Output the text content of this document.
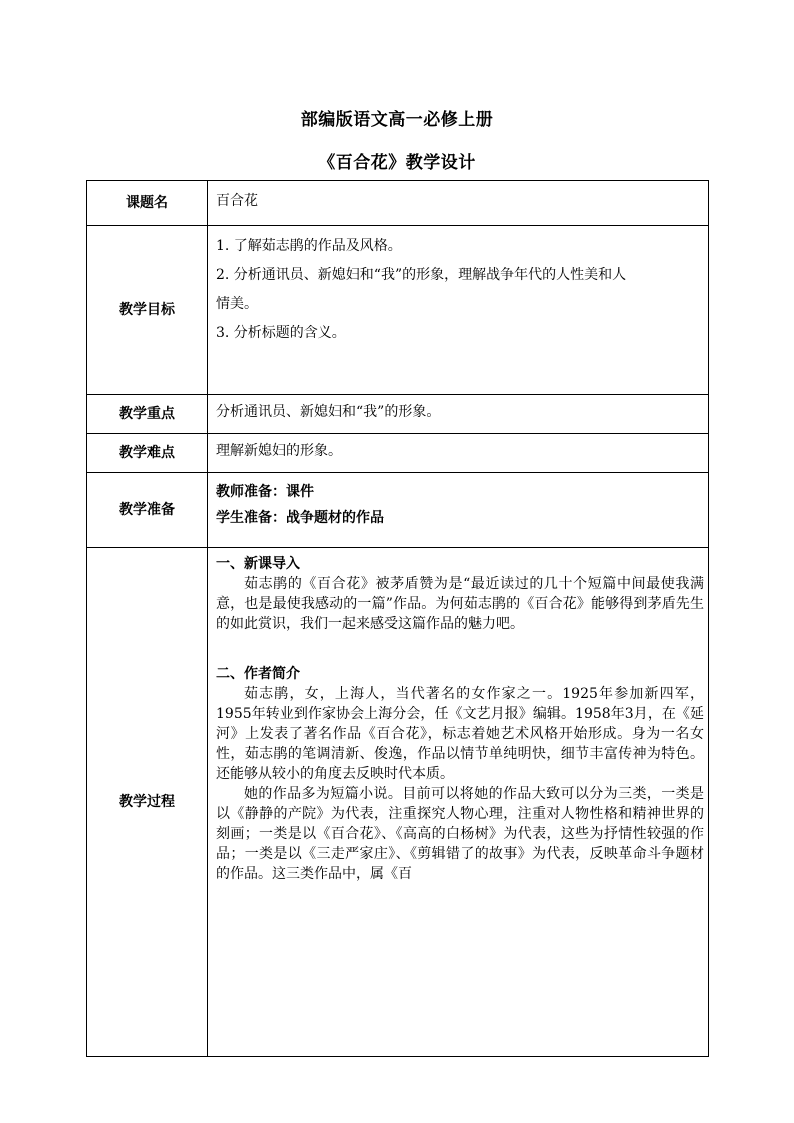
部编版语文高一必修上册
《百合花》教学设计
课题名	百合花
教学目标	1. 了解茹志鹃的作品及风格。
2. 分析通讯员、新媳妇和“我”的形象，理解战争年代的人性美和人
情美。
3. 分析标题的含义。

教学重点	分析通讯员、新媳妇和“我”的形象。
教学难点	理解新媳妇的形象。
教学准备	教师准备：课件
学生准备：战争题材的作品

教学过程	一、新课导入
茹志鹃的《百合花》被茅盾赞为是“最近读过的几十个短篇中间最使我满意，也是最使我感动的一篇”作品。为何茹志鹃的《百合花》能够得到茅盾先生的如此赏识，我们一起来感受这篇作品的魅力吧。
二、作者简介
茹志鹃，女，上海人，当代著名的女作家之一。1925年参加新四军，1955年转业到作家协会上海分会，任《文艺月报》编辑。1958年3月，在《延河》上发表了著名作品《百合花》，标志着她艺术风格开始形成。身为一名女性，茹志鹃的笔调清新、俊逸，作品以情节单纯明快，细节丰富传神为特色。还能够从较小的角度去反映时代本质。
她的作品多为短篇小说。目前可以将她的作品大致可以分为三类，一类是以《静静的产院》为代表，注重探究人物心理，注重对人物性格和精神世界的刻画；一类是以《百合花》、《高高的白杨树》为代表，这些为抒情性较强的作品；一类是以《三走严家庄》、《剪辑错了的故事》为代表，反映革命斗争题材的作品。这三类作品中，属《百
